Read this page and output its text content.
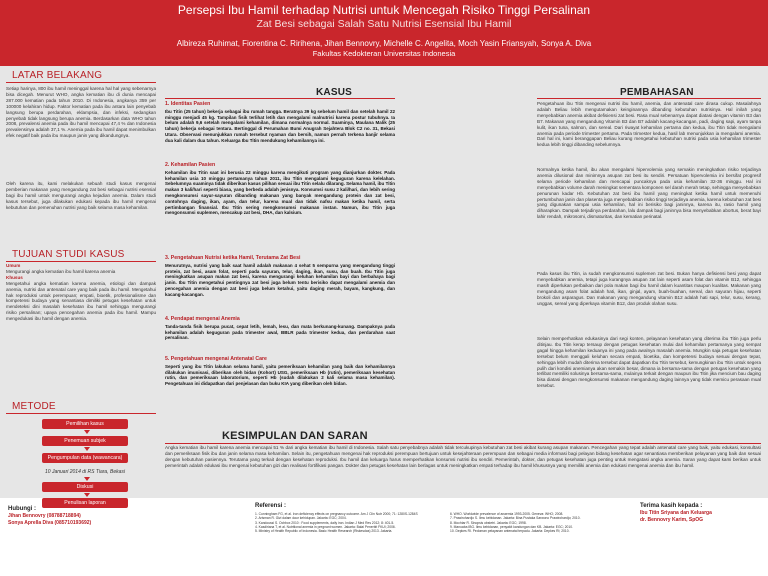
Persepsi Ibu Hamil terhadap Nutrisi untuk Mencegah Risiko Tinggi Persalinan
Zat Besi sebagai Salah Satu Nutrisi Esensial Ibu Hamil
Albireza Ruhimat, Fiorentina C. Ririhena, Jihan Bennovry, Michelle C. Angelita, Moch Yasin Friansyah, Sonya A. Diva
Fakultas Kedokteran Universitas Indonesia
LATAR BELAKANG
Setiap harinya, 800 ibu hamil meninggal karena hal hal yang sebenarnya bisa dicegah. Menurut WHO, angka kematian ibu di dunia mencapai 287.000 kematian pada tahun 2010. Di Indonesia, angkanya 359 per 100000 kelahiran hidup. Faktor kematian pada ibu antara lain penyebab langsung berupa perdarahan, eklampsia, dan infeksi, sedangkan penyebab tidak langsung berupa anemia. Berdasarkan data WHO tahun 2008, prevalensi anemia pada ibu hamil mencapai 47,4 % dan Indonesia prevalensinya adalah 37,1 %. Anemia pada ibu hamil dapat menimbulkan efek negatif baik pada ibu maupun janin yang dikandungnya.
Oleh karena itu, kami melakukan sebuah studi kasus mengenai pemberian makanan yang mengandung zat besi sebagai nutrisi esensial bagi ibu hamil untuk mengurangi angka kejadian anemia. Dalam studi kasus tersebut, juga dilakukan edukasi kepada ibu hamil mengenai kebutuhan dan pemenuhan nutrisi yang baik selama masa kehamilan.
TUJUAN STUDI KASUS
Umum
Mengurangi angka kematian ibu hamil karena anemia
Khusus
Mengetahui angka kematian karena anemia, etiologi dan dampak anemia, nutrisi dan antenatal care yang baik pada ibu hamil. Mengetahui hak reproduksi untuk perempuan; empati, bioetik, profesionalisme dan kompetensi budaya yang senantiasa dimiliki petugas kesehatan untuk mendeteksi dini masalah kesehatan ibu hamil sehingga mengurangi risiko persalinan; upaya pencegahan anemia pada ibu hamil. Mampu mengedukasi ibu hamil dengan anemia.
METODE
Pemilihan kasus
Penemuan subjek
Pengumpulan data (wawancara)
10 Januari 2014 di RS Tiara, Bekasi
Diskusi
Penulisan laporan
KASUS
1. Identitas Pasien
Ibu Titin (25 tahun) bekerja sebagai ibu rumah tangga. Beratnya 39 kg sebelum hamil dan setelah hamil 22 minggu menjadi 45 kg. Tampilan fisik terlihat letih dan mengalami malnutrisi karena postur tubuhnya. Ia belum adalah 9,6 setelah mengalami kehamilan, dimana normalnya normal. Suaminya, Maulana Malik (25 tahun) bekerja sebagai tentara. Bertinggal di Perumahan Bumi Anugrah Sejahtera Blok C2 no. 31, Bekasi Utara. Observasi menunjukkan rumah tersebut nyaman dan bersih, namun pernah terkena banjir selama dua kali dalam dua tahun. Keluarga Ibu Titin mendukung kehamilannya ini.
2. Kehamilan Pasien
Kehamilan ibu Titin saat ini berusia 22 minggu karena mengikuti program yang dianjurkan dokter. Pada kehamilan usia 10 minggu pertamanya tahun 2011, ibu Titin mengalami keguguran karena kelelahan. Sebelumnya suaminya tidak diberikan kasus pilihan sesuai ibu Titin selalu dilarang. Selama hamil, ibu Titin makan 3 kali/hari seperti biasa, yang berbeda adalah jenisnya. Konsumsi susu 2 kali/hari, dan lebih sering mengkonsumsi sayur-sayuran dibanding makanan yang banyak mengandung protein dan zat besi, contohnya daging, ikan, ayam, dan telur, karena mual dan tidak nafsu makan ketika hamil, serta pertimbangan finansial. Ibu Titin sering mengkonsumsi makanan instan. Namun, ibu Titin juga mengonsumsi suplemen, mencakup zat besi, DHA, dan kalsium.
3. Pengetahuan Nutrisi ketika Hamil, Terutama Zat Besi
Menurutnya, nutrisi yang baik saat hamil adalah makanan 4 sehat 5 sempurna yang mengandung tinggi protein, zat besi, asam folat, seperti pada sayuran, telur, daging, ikan, susu, dan buah. Ibu Titin juga meningkatkan asupan makan zat besi, karena mengurangi keluhan kehamilan bayi dan berbahaya bagi janin. Ibu Titin mengetahui pentingnya zat besi juga belum tentu berisiko dapat mengalami anemia dan pencegahan anemia dengan zat besi juga belum ketahui, yaitu daging merah, bayam, kangkung, dan kacang-kacangan.
4. Pendapat mengenai Anemia
Tanda-tanda fisik berupa pucat, cepat letih, lemah, lesu, dan mata berkunang-kunang. Dampaknya pada kehamilan adalah keguguran pada trimester awal, BBLR pada trimester kedua, dan perdarahan saat persalinan.
5. Pengetahuan mengenai Antenatal Care
Seperti yang ibu Titin lakukan selama hamil, yaitu pemeriksaan kehamilan yang baik dan kehamilannya dilakukan imunisasi, diberikan oleh bidan (Kohort) USG, pemeriksaan Hb (rutin), pemeriksaan kesehatan rutin, dan pemeriksaan laboratorium, seperti Hb (sudah dilakukan 2 kali selama masa kehamilan). Pengetahuan ini didapatkan dari penjelasan dan buku KIA yang diberikan oleh bidan.
PEMBAHASAN
Pengetahuan ibu Titin mengenai nutrisi ibu hamil, anemia, dan antenatal care dirasa cukup. Masalahnya adalah Beliau lebih mengutamakan keinginannya dibanding kebutuhan nutrisinya. Hal inilah yang menyebabkan anemia akibat defisiensi zat besi. Rasa mual sebenarnya dapat diatasi dengan vitamin B3 dan B7. Makanan yang mengandung Vitamin B3 dan B7 adalah kacang-kacangan, padi, daging sapi, ayam tanpa kulit, ikan tuna, salmon, dan sereal. Dari riwayat kehamilan pertama dan kedua, ibu Titin tidak mengalami anemia pada periode trimester pertama. Pada trimester kedua, hasil lab menunjukkan ia mengalami anemia. Dari hal ini, kami beranggapan Beliau kurang mengetahui kebutuhan nutrisi pada usia kehamilan trimester kedua lebih tinggi dibanding sebelumnya.
Normalnya ketika hamil, ibu akan mengalami hipervolemia yang semakin meningkatkan risiko terjadinya anemia dilusional dan minimnya asupan zat besi itu sendiri. Persatuan hipervolemia ini bersifat progresif selama periode kehamilan dan mencapai puncaknya pada usia kehamilan 32-36 minggu. Hal ini menyebabkan volume darah meningkat sementara komponen sel darah merah tetap, sehingga menyebabkan penurunan kadar Hb. Kebutuhan zat besi ibu hamil yang meningkat ketika hamil untuk memenuhi pertumbuhan janin dan plasenta juga menyebabkan risiko tinggi terjadinya anemia, karena kebutuhan zat besi yang digunakan sampai usia kehamilan, hal ini berisiko bagi janinnya, karena itu, rasio hamil yang diharapkan. Dampak terjadinya perdarahan, lalu dampak bagi janinnya bisa menyebabkan abortus, berat bayi lahir rendah, mikrosomi, dismaturitas, dan kematian perinatal.
Pada kasus ibu Titin, ia sudah mengkonsumsi suplemen zat besi. Bukan hanya defisiensi besi yang dapat menyebabkan anemia, tetapi juga kurangnya asupan zat lain seperti asam folat dan vitamin B12, sehingga masih diperlukan perbaikan dari pola makan bagi ibu hamil dalam kuantitas maupun kualitas. Makanan yang mengandung asam folat adalah hati, ikan, ginjal, ayam, buah-buahan, sereal, dan sayuran hijau, seperti brokoli dan asparagus. Dan makanan yang mengandung vitamin B12 adalah hati sapi, telur, susu, kerang, unggas, sereal yang diperkaya vitamin B12, dan produk olahan susu.
Selain memperhatikan edukasinya dari segi konten, pelayanan kesehatan yang diterima ibu Titin juga perlu ditinjau. Ibu Titin kerap tersaup dengan petugas kesehatan mulai dari kehamilan pertamanya yang sempat gagal hingga kehamilan keduanya ini yang pada awalnya masalah anemia. Mungkin saja petugas kesehatan tersebut belum menggali keluhan secara empati, bioetika, dan kompetensi budaya sesuai dengan tepat, sehingga lebih mudah diterima tersebut dapat dapatkan Ibu Titin tersebut, kemungkinan ibu Titin untuk segera pulih dari kondisi anemianya akan semakin besar, dimana ia bersama-sama dengan petugas kesehatan yang terlibat memiliki solusinya bersama-sama, mulainya terkait dengan maupun ibu Titin jika mencium bau daging bisa diatasi dengan mengkonsumsi makanan mengandung daging lainnya yang tidak memicu perasaan mual tersebut.
KESIMPULAN DAN SARAN
Angka kematian ibu hamil karena anemia mencapai 51 % dari angka kematian ibu hamil di Indonesia. Salah satu penyebabnya adalah tidak tercukupinya kebutuhan zat besi akibat kurang asupan makanan. Pencegahan yang tepat adalah antenatal care yang baik, yaitu edukasi, konsultasi dan pemeriksaan fisik ibu dan janin selama masa kehamilan. Selain itu, pengetahuan mengenai hak reproduksi perempuan bertujuan untuk kesejahteraan perempuan dan sebagai media informasi bagi pelayan bidang kesehatan agar senantiasa memberikan pelayanan yang baik dan sesuai dengan kebutuhan pasiennya. Terutama yang terkait dengan kesehatan reproduksi. Ibu hamil dan keluarga harus memperhatikan konsumsi nutrisi ibu sendiri. Pemerintah, dokter, dan petugas kesehatan juga penting untuk mengatasi angka anemia. Saran yang dapat kami berikan untuk pemerintah adalah edukasi ibu mengenai kebutuhan gizi dan realisasi fortifikasi pangan. Dokter dan petugas kesehatan lain berlagas untuk meningkatkan empati terhadap ibu hamil khususnya yang memiliki anemia dan edukasi mengenai anemia dan ibu hamil.
Hubungi :
Jihan Bennovry (08788718894)
Sonya Aprella Diva (085710193692)
Referensi :
1. Cunningham FG, et al. Iron deficiency effects on pregnancy outcome. Am J Clin Nutr 2000; 71: 1280S-1284S
2. Arisman R. Gizi dalam daur kehidupan. Jakarta: EGC; 2004.
3. Kandoussi S. Ochbox 2010 : Food supplements, daily iron. Indian J Med Res 2012; 8: 401-5.
4. Kasdiriana T, et al. Nutritional anemia in pregnant women. Jakarta: Balai Penerbit FKUI; 2006.
5. Ministry of Health Republic of Indonesia. Basic Health Research (Riskesdas) 2013. Jakarta.
6. WHO. Worldwide prevalence of anaemia 1993-2005. Geneva: WHO; 2008.
7. Prawirohardjo S. Ilmu kebidanan. Jakarta: Bina Pustaka Sarwono Prawirohardjo; 2010.
8. Mochtar R. Sinopsis obstetri. Jakarta: EGC; 1998.
9. Manuaba IBG. Ilmu kebidanan, penyakit kandungan dan KB. Jakarta: EGC; 2010.
10. Depkes RI. Pedoman pelayanan antenatal terpadu. Jakarta: Depkes RI; 2010.
Terima kasih kepada :
Ibu Titin Sriyana dan Keluarga
dr. Bennovry Karim, SpOG
